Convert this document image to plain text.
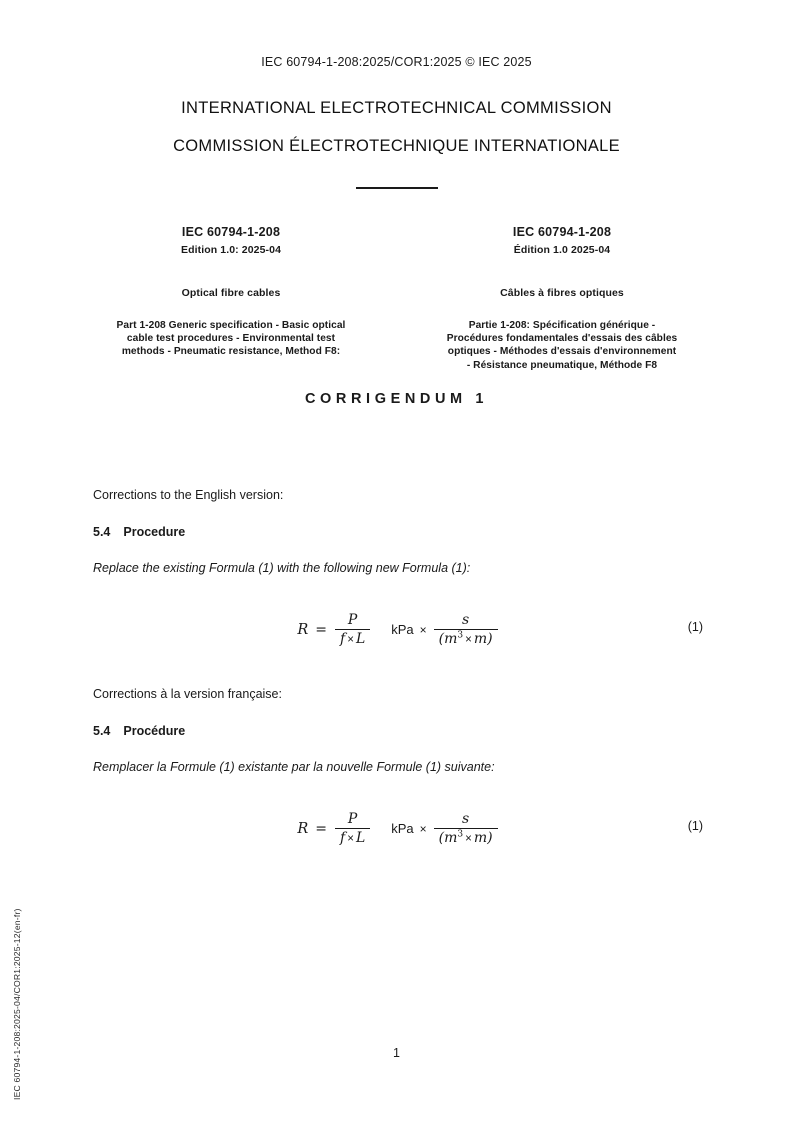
IEC 60794-1-208:2025/COR1:2025 © IEC 2025
INTERNATIONAL ELECTROTECHNICAL COMMISSION
COMMISSION ÉLECTROTECHNIQUE INTERNATIONALE
IEC 60794-1-208
Edition 1.0: 2025-04
Optical fibre cables
Part 1-208 Generic specification - Basic optical
cable test procedures - Environmental test
methods - Pneumatic resistance, Method F8:
IEC 60794-1-208
Édition 1.0 2025-04
Câbles à fibres optiques
Partie 1-208: Spécification générique -
Procédures fondamentales d'essais des câbles
optiques - Méthodes d'essais d'environnement
- Résistance pneumatique, Méthode F8
CORRIGENDUM 1
Corrections to the English version:
5.4 Procedure
Replace the existing Formula (1) with the following new Formula (1):
$R = \frac{P}{f \times L}$ kPa × $\frac{s}{(m^3 \times m)}$	(1)
Corrections à la version française:
5.4 Procédure
Remplacer la Formule (1) existante par la nouvelle Formule (1) suivante:
$R = \frac{P}{f \times L}$ kPa × $\frac{s}{(m^3 \times m)}$	(1)
IEC 60794-1-208:2025-04/COR1:2025-12(en-fr)	1
